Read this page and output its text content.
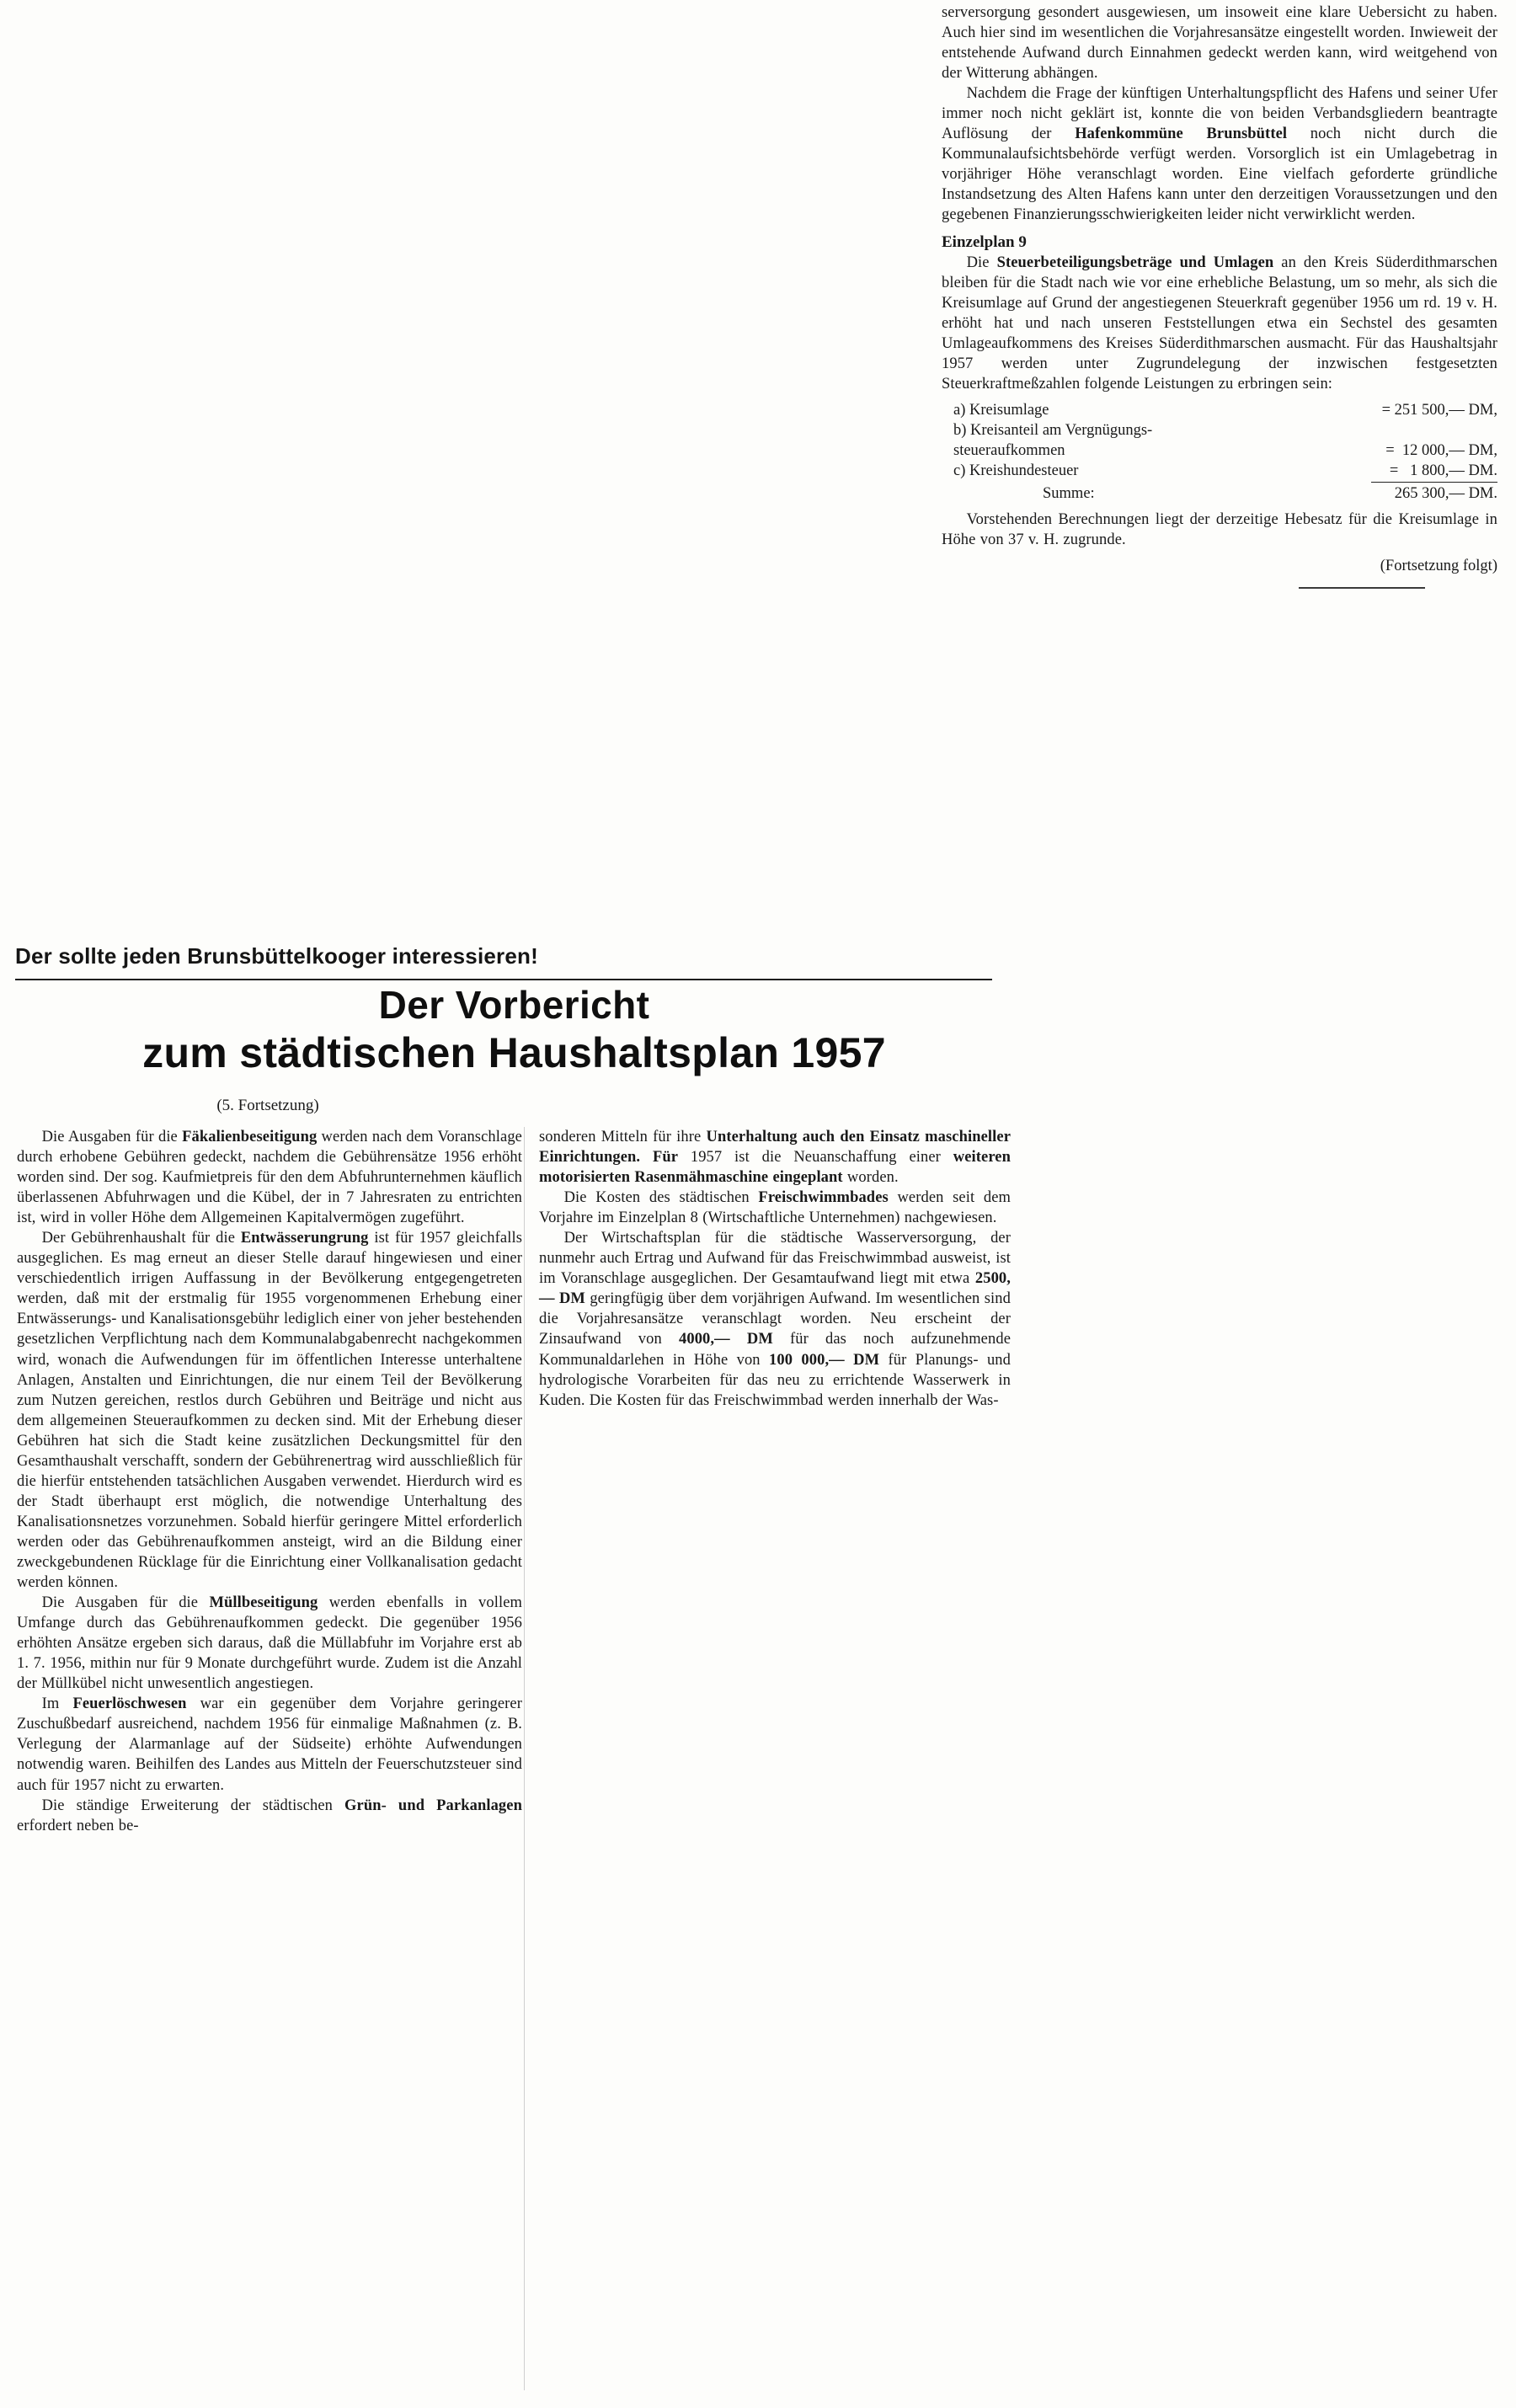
serversorgung gesondert ausgewiesen, um insoweit eine klare Uebersicht zu haben. Auch hier sind im wesentlichen die Vorjahresansätze eingestellt worden. Inwieweit der entstehende Aufwand durch Einnahmen gedeckt werden kann, wird weitgehend von der Witterung abhängen.

Nachdem die Frage der künftigen Unterhaltungspflicht des Hafens und seiner Ufer immer noch nicht geklärt ist, konnte die von beiden Verbandsgliedern beantragte Auflösung der Hafenkommüne Brunsbüttel noch nicht durch die Kommunalaufsichtsbehörde verfügt werden. Vorsorglich ist ein Umlagebetrag in vorjähriger Höhe veranschlagt worden. Eine vielfach geforderte gründliche Instandsetzung des Alten Hafens kann unter den derzeitigen Voraussetzungen und den gegebenen Finanzierungsschwierigkeiten leider nicht verwirklicht werden.

Einzelplan 9

Die Steuerbeteiligungsbeträge und Umlagen an den Kreis Süderdithmarschen bleiben für die Stadt nach wie vor eine erhebliche Belastung, um so mehr, als sich die Kreisumlage auf Grund der angestiegenen Steuerkraft gegenüber 1956 um rd. 19 v. H. erhöht hat und nach unseren Feststellungen etwa ein Sechstel des gesamten Umlageaufkommens des Kreises Süderdithmarschen ausmacht. Für das Haushaltsjahr 1957 werden unter Zugrundelegung der inzwischen festgesetzten Steuerkraftmeßzahlen folgende Leistungen zu erbringen sein:

a) Kreisumlage	= 251 500,— DM,
b) Kreisanteil am Vergnügungs-
steueraufkommen	=  12 000,— DM,
c) Kreishundesteuer	=   1 800,— DM.
Summe:	265 300,— DM.

Vorstehenden Berechnungen liegt der derzeitige Hebesatz für die Kreisumlage in Höhe von 37 v. H. zugrunde.

(Fortsetzung folgt)
Der sollte jeden Brunsbüttelkooger interessieren!
Der Vorbericht
zum städtischen Haushaltsplan 1957
(5. Fortsetzung)

Die Ausgaben für die Fäkalienbeseitigung werden nach dem Voranschlage durch erhobene Gebühren gedeckt, nachdem die Gebührensätze 1956 erhöht worden sind. Der sog. Kaufmietpreis für den dem Abfuhrunternehmen käuflich überlassenen Abfuhrwagen und die Kübel, der in 7 Jahresraten zu entrichten ist, wird in voller Höhe dem Allgemeinen Kapitalvermögen zugeführt.

Der Gebührenhaushalt für die Entwässerungrung ist für 1957 gleichfalls ausgeglichen. Es mag erneut an dieser Stelle darauf hingewiesen und einer verschiedentlich irrigen Auffassung in der Bevölkerung entgegengetreten werden, daß mit der erstmalig für 1955 vorgenommenen Erhebung einer Entwässerungs- und Kanalisationsgebühr lediglich einer von jeher bestehenden gesetzlichen Verpflichtung nach dem Kommunalabgabenrecht nachgekommen wird, wonach die Aufwendungen für im öffentlichen Interesse unterhaltene Anlagen, Anstalten und Einrichtungen, die nur einem Teil der Bevölkerung zum Nutzen gereichen, restlos durch Gebühren und Beiträge und nicht aus dem allgemeinen Steueraufkommen zu decken sind. Mit der Erhebung dieser Gebühren hat sich die Stadt keine zusätzlichen Deckungsmittel für den Gesamthaushalt verschafft, sondern der Gebührenertrag wird ausschließlich für die hierfür entstehenden tatsächlichen Ausgaben verwendet. Hierdurch wird es der Stadt überhaupt erst möglich, die notwendige Unterhaltung des Kanalisationsnetzes vorzunehmen. Sobald hierfür geringere Mittel erforderlich werden oder das Gebührenaufkommen ansteigt, wird an die Bildung einer zweckgebundenen Rücklage für die Einrichtung einer Vollkanalisation gedacht werden können.

Die Ausgaben für die Müllbeseitigung werden ebenfalls in vollem Umfange durch das Gebührenaufkommen gedeckt. Die gegenüber 1956 erhöhten Ansätze ergeben sich daraus, daß die Müllabfuhr im Vorjahre erst ab 1. 7. 1956, mithin nur für 9 Monate durchgeführt wurde. Zudem ist die Anzahl der Müllkübel nicht unwesentlich angestiegen.

Im Feuerlöschwesen war ein gegenüber dem Vorjahre geringerer Zuschußbedarf ausreichend, nachdem 1956 für einmalige Maßnahmen (z. B. Verlegung der Alarmanlage auf der Südseite) erhöhte Aufwendungen notwendig waren. Beihilfen des Landes aus Mitteln der Feuerschutzsteuer sind auch für 1957 nicht zu erwarten.

Die ständige Erweiterung der städtischen Grün- und Parkanlagen erfordert neben be-

sonderen Mitteln für ihre Unterhaltung auch den Einsatz maschineller Einrichtungen. Für 1957 ist die Neuanschaffung einer weiteren motorisierten Rasenmähmaschine eingeplant worden.

Die Kosten des städtischen Freischwimmbades werden seit dem Vorjahre im Einzelplan 8 (Wirtschaftliche Unternehmen) nachgewiesen.

Der Wirtschaftsplan für die städtische Wasserversorgung, der nunmehr auch Ertrag und Aufwand für das Freischwimmbad ausweist, ist im Voranschlage ausgeglichen. Der Gesamtaufwand liegt mit etwa 2500,— DM geringfügig über dem vorjährigen Aufwand. Im wesentlichen sind die Vorjahresansätze veranschlagt worden. Neu erscheint der Zinsaufwand von 4000,— DM für das noch aufzunehmende Kommunaldarlehen in Höhe von 100 000,— DM für Planungs- und hydrologische Vorarbeiten für das neu zu errichtende Wasserwerk in Kuden. Die Kosten für das Freischwimmbad werden innerhalb der Was-
